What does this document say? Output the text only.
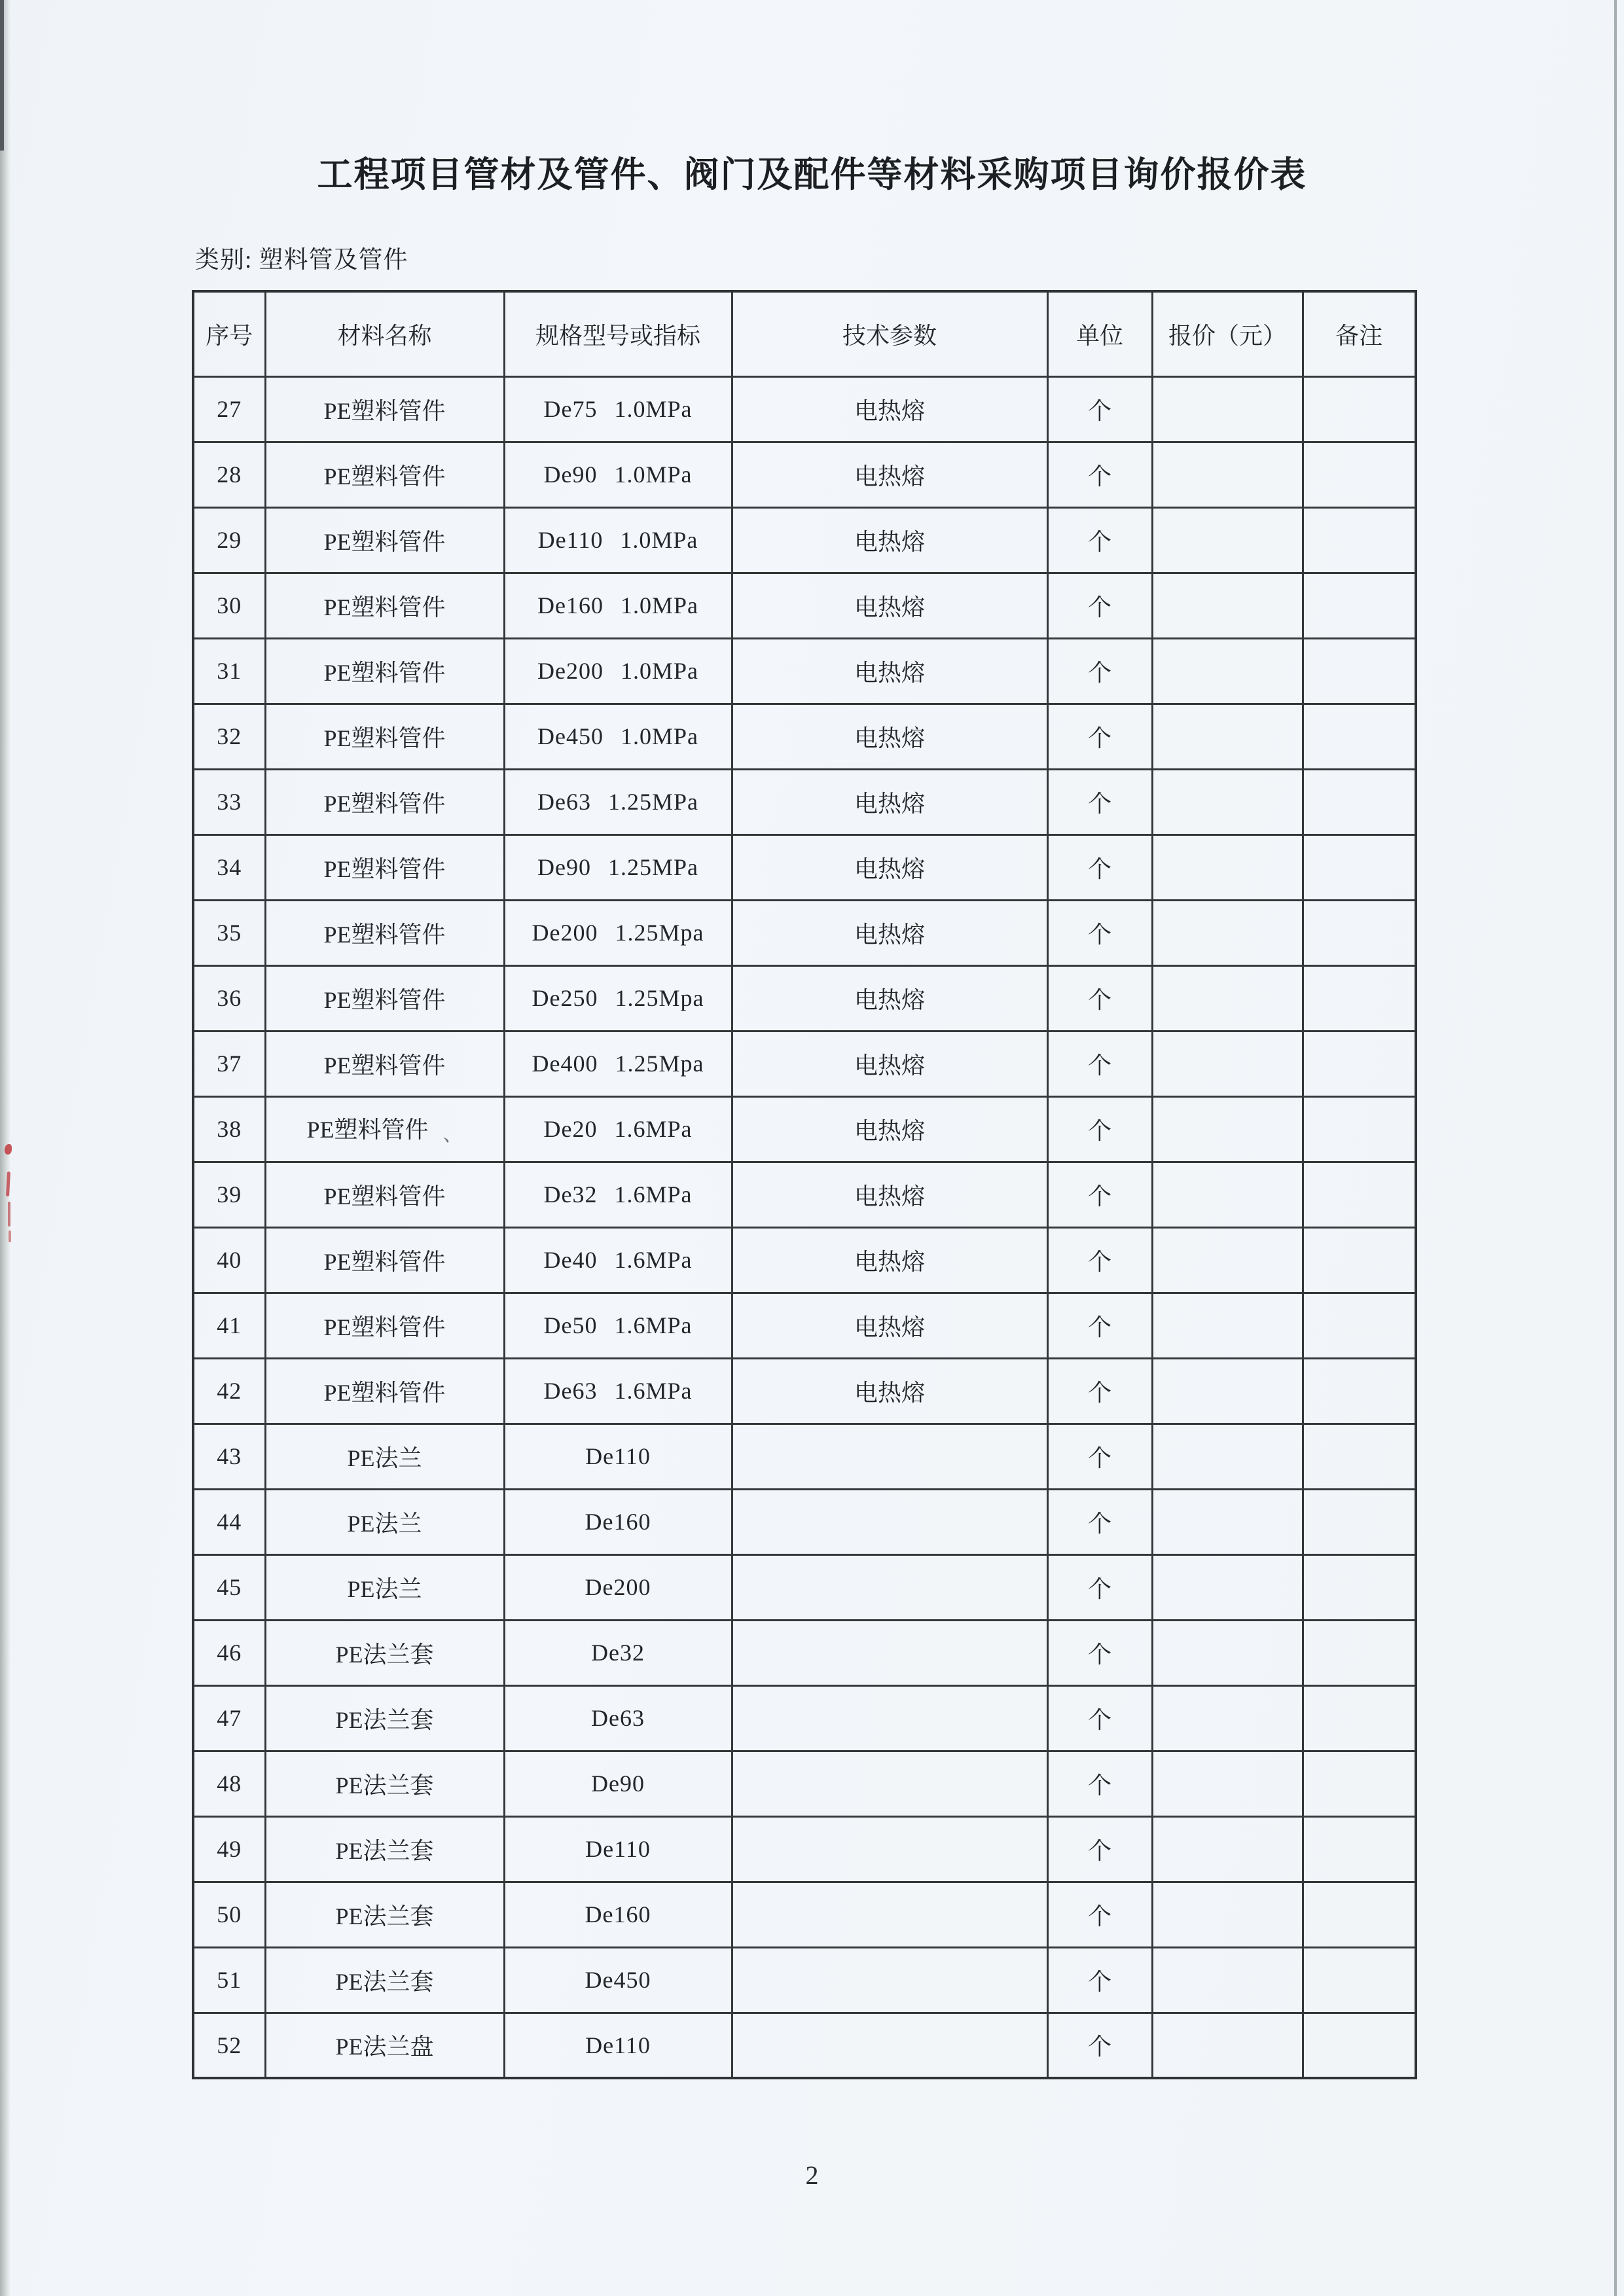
工程项目管材及管件、阀门及配件等材料采购项目询价报价表
类别: 塑料管及管件
序号	材料名称	规格型号或指标	技术参数	单位	报价（元）	备注
27	PE塑料管件	De75 1.0MPa	电热熔	个		
28	PE塑料管件	De90 1.0MPa	电热熔	个		
29	PE塑料管件	De110 1.0MPa	电热熔	个		
30	PE塑料管件	De160 1.0MPa	电热熔	个		
31	PE塑料管件	De200 1.0MPa	电热熔	个		
32	PE塑料管件	De450 1.0MPa	电热熔	个		
33	PE塑料管件	De63 1.25MPa	电热熔	个		
34	PE塑料管件	De90 1.25MPa	电热熔	个		
35	PE塑料管件	De200 1.25Mpa	电热熔	个		
36	PE塑料管件	De250 1.25Mpa	电热熔	个		
37	PE塑料管件	De400 1.25Mpa	电热熔	个		
38	PE塑料管件 、	De20 1.6MPa	电热熔	个		
39	PE塑料管件	De32 1.6MPa	电热熔	个		
40	PE塑料管件	De40 1.6MPa	电热熔	个		
41	PE塑料管件	De50 1.6MPa	电热熔	个		
42	PE塑料管件	De63 1.6MPa	电热熔	个		
43	PE法兰	De110		个		
44	PE法兰	De160		个		
45	PE法兰	De200		个		
46	PE法兰套	De32		个		
47	PE法兰套	De63		个		
48	PE法兰套	De90		个		
49	PE法兰套	De110		个		
50	PE法兰套	De160		个		
51	PE法兰套	De450		个		
52	PE法兰盘	De110		个		
2
